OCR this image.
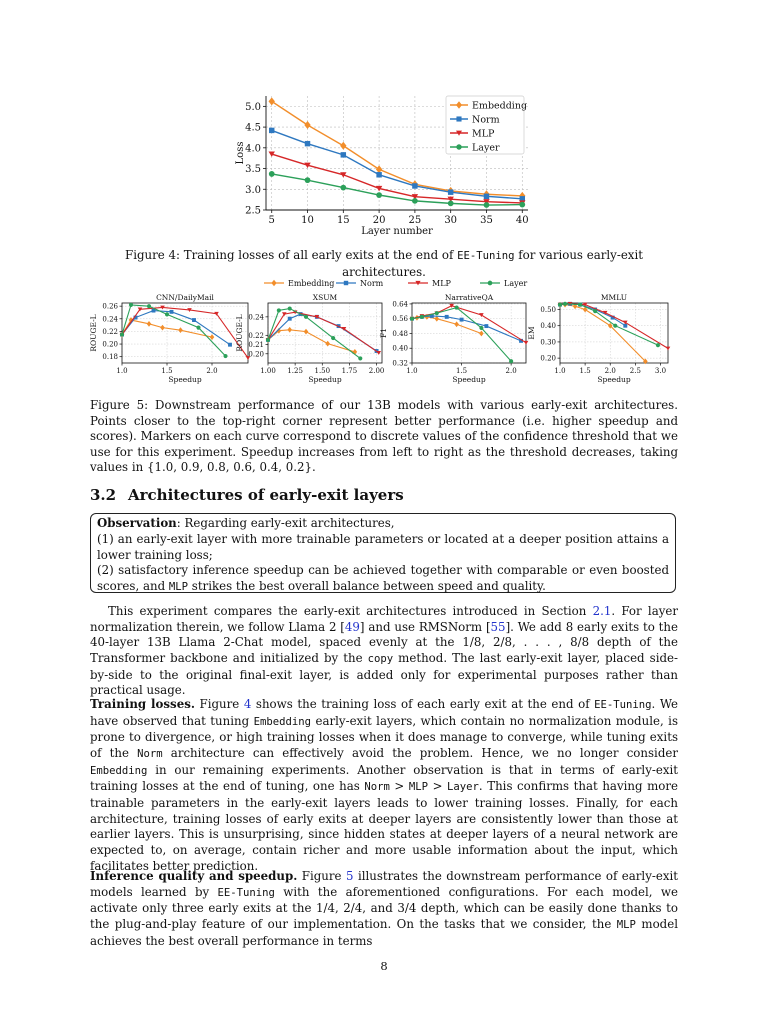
5	10 15 20 25 30 35 40
2.5
3.0
3.5
4.0
4.5
5.0
Layer number
Loss
Embedding
Norm
MLP
Layer
Figure 4: Training losses of all early exits at the end of EE-Tuning for various early-exit architectures.
Embedding	Norm	MLP	Layer
1.0	1.5	2.0
0.18
0.20
0.22
0.24
0.26
CNN/DailyMail
Speedup
ROUGE-L
1.00 1.25 1.50 1.75 2.00
0.20
0.21
0.22
0.24
XSUM
Speedup
ROUGE-L
1.0	1.5	2.0
0.32
0.40
0.48
0.56
0.64
NarrativeQA
Speedup
F1
1.0 1.5 2.0 2.5 3.0
0.20
0.30
0.40
0.50
MMLU
Speedup
EM
Figure 5: Downstream performance of our 13B models with various early-exit architectures. Points closer to the top-right corner represent better performance (i.e. higher speedup and scores). Markers on each curve correspond to discrete values of the confidence threshold that we use for this experiment. Speedup increases from left to right as the threshold decreases, taking values in {1.0, 0.9, 0.8, 0.6, 0.4, 0.2}.
3.2 Architectures of early-exit layers
Observation: Regarding early-exit architectures,
(1) an early-exit layer with more trainable parameters or located at a deeper position attains a lower training loss;
(2) satisfactory inference speedup can be achieved together with comparable or even boosted scores, and MLP strikes the best overall balance between speed and quality.
This experiment compares the early-exit architectures introduced in Section 2.1. For layer normalization therein, we follow Llama 2 [49] and use RMSNorm [55]. We add 8 early exits to the 40-layer 13B Llama 2-Chat model, spaced evenly at the 1/8, 2/8, . . . , 8/8 depth of the Transformer backbone and initialized by the copy method. The last early-exit layer, placed side-by-side to the original final-exit layer, is added only for experimental purposes rather than practical usage.
Training losses. Figure 4 shows the training loss of each early exit at the end of EE-Tuning. We have observed that tuning Embedding early-exit layers, which contain no normalization module, is prone to divergence, or high training losses when it does manage to converge, while tuning exits of the Norm architecture can effectively avoid the problem. Hence, we no longer consider Embedding in our remaining experiments. Another observation is that in terms of early-exit training losses at the end of tuning, one has Norm > MLP > Layer. This confirms that having more trainable parameters in the early-exit layers leads to lower training losses. Finally, for each architecture, training losses of early exits at deeper layers are consistently lower than those at earlier layers. This is unsurprising, since hidden states at deeper layers of a neural network are expected to, on average, contain richer and more usable information about the input, which facilitates better prediction.
Inference quality and speedup. Figure 5 illustrates the downstream performance of early-exit models learned by EE-Tuning with the aforementioned configurations. For each model, we activate only three early exits at the 1/4, 2/4, and 3/4 depth, which can be easily done thanks to the plug-and-play feature of our implementation. On the tasks that we consider, the MLP model achieves the best overall performance in terms
8
